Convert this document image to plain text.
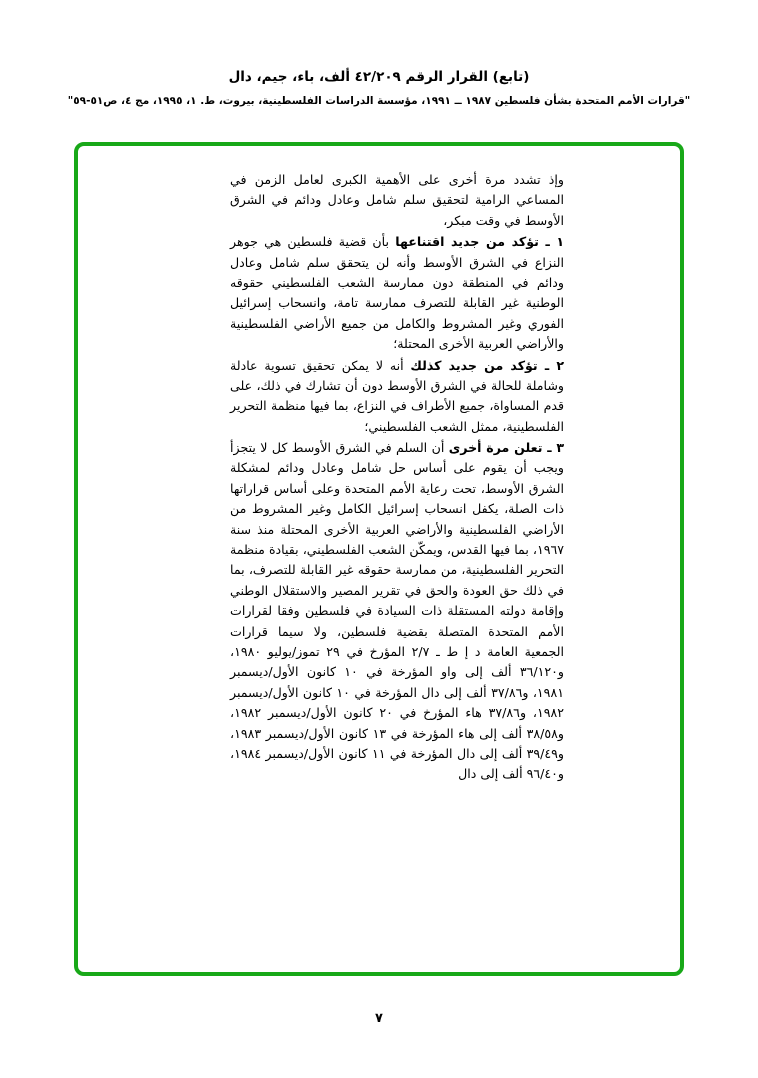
(تابع) القرار الرقم ٤٢/٢٠٩ ألف، باء، جيم، دال
"قرارات الأمم المتحدة بشأن فلسطين ١٩٨٧ ــ ١٩٩١، مؤسسة الدراسات الفلسطينية، بيروت، ط. ١، ١٩٩٥، مج ٤، ص٥١-٥٩"

وإذ تشدد مرة أخرى على الأهمية الكبرى لعامل الزمن في المساعي الرامية لتحقيق سلم شامل وعادل ودائم في الشرق الأوسط في وقت مبكر،

١ ـ تؤكد من جديد اقتناعها بأن قضية فلسطين هي جوهر النزاع في الشرق الأوسط وأنه لن يتحقق سلم شامل وعادل ودائم في المنطقة دون ممارسة الشعب الفلسطيني حقوقه الوطنية غير القابلة للتصرف ممارسة تامة، وانسحاب إسرائيل الفوري وغير المشروط والكامل من جميع الأراضي الفلسطينية والأراضي العربية الأخرى المحتلة؛

٢ ـ تؤكد من جديد كذلك أنه لا يمكن تحقيق تسوية عادلة وشاملة للحالة في الشرق الأوسط دون أن تشارك في ذلك، على قدم المساواة، جميع الأطراف في النزاع، بما فيها منظمة التحرير الفلسطينية، ممثل الشعب الفلسطيني؛

٣ ـ تعلن مرة أخرى أن السلم في الشرق الأوسط كل لا يتجزأ ويجب أن يقوم على أساس حل شامل وعادل ودائم لمشكلة الشرق الأوسط، تحت رعاية الأمم المتحدة وعلى أساس قراراتها ذات الصلة، يكفل انسحاب إسرائيل الكامل وغير المشروط من الأراضي الفلسطينية والأراضي العربية الأخرى المحتلة منذ سنة ١٩٦٧، بما فيها القدس، ويمكّن الشعب الفلسطيني، بقيادة منظمة التحرير الفلسطينية، من ممارسة حقوقه غير القابلة للتصرف، بما في ذلك حق العودة والحق في تقرير المصير والاستقلال الوطني وإقامة دولته المستقلة ذات السيادة في فلسطين وفقا لقرارات الأمم المتحدة المتصلة بقضية فلسطين، ولا سيما قرارات الجمعية العامة د إ ط ـ ٢/٧ المؤرخ في ٢٩ تموز/يوليو ١٩٨٠، و٣٦/١٢٠ ألف إلى واو المؤرخة في ١٠ كانون الأول/ديسمبر ١٩٨١، و٣٧/٨٦ ألف إلى دال المؤرخة في ١٠ كانون الأول/ديسمبر ١٩٨٢، و٣٧/٨٦ هاء المؤرخ في ٢٠ كانون الأول/ديسمبر ١٩٨٢، و٣٨/٥٨ ألف إلى هاء المؤرخة في ١٣ كانون الأول/ديسمبر ١٩٨٣، و٣٩/٤٩ ألف إلى دال المؤرخة في ١١ كانون الأول/ديسمبر ١٩٨٤، و٩٦/٤٠ ألف إلى دال

٧
